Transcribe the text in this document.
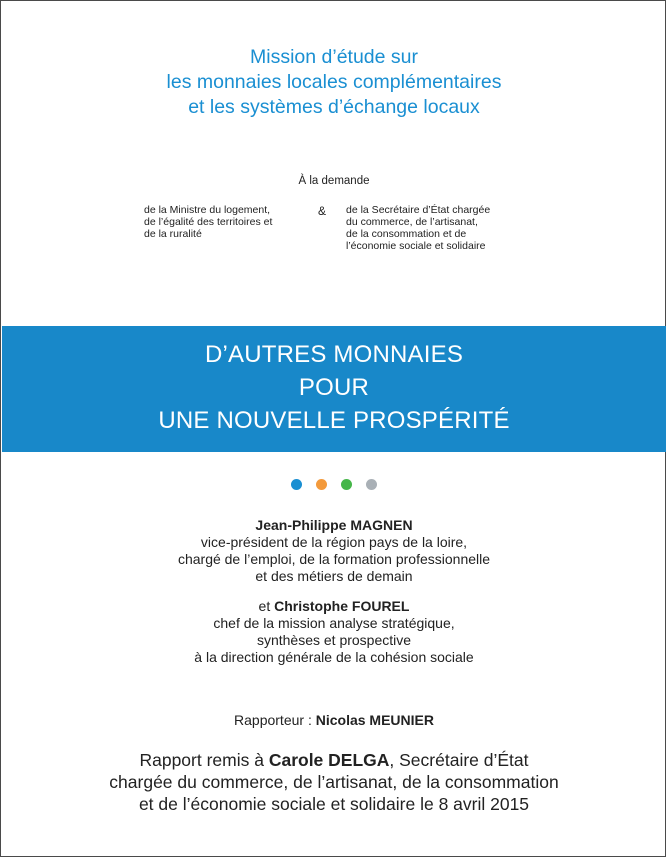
Mission d’étude sur
les monnaies locales complémentaires
et les systèmes d’échange locaux
À la demande
de la Ministre du logement,
de l’égalité des territoires et
de la ruralité
& de la Secrétaire d’État chargée
du commerce, de l’artisanat,
de la consommation et de
l’économie sociale et solidaire
D’AUTRES MONNAIES
POUR
UNE NOUVELLE PROSPÉRITÉ
Jean-Philippe MAGNEN
vice-président de la région pays de la loire,
chargé de l’emploi, de la formation professionnelle
et des métiers de demain
et Christophe FOUREL
chef de la mission analyse stratégique,
synthèses et prospective
à la direction générale de la cohésion sociale
Rapporteur : Nicolas MEUNIER
Rapport remis à Carole DELGA, Secrétaire d’État
chargée du commerce, de l’artisanat, de la consommation
et de l’économie sociale et solidaire le 8 avril 2015
